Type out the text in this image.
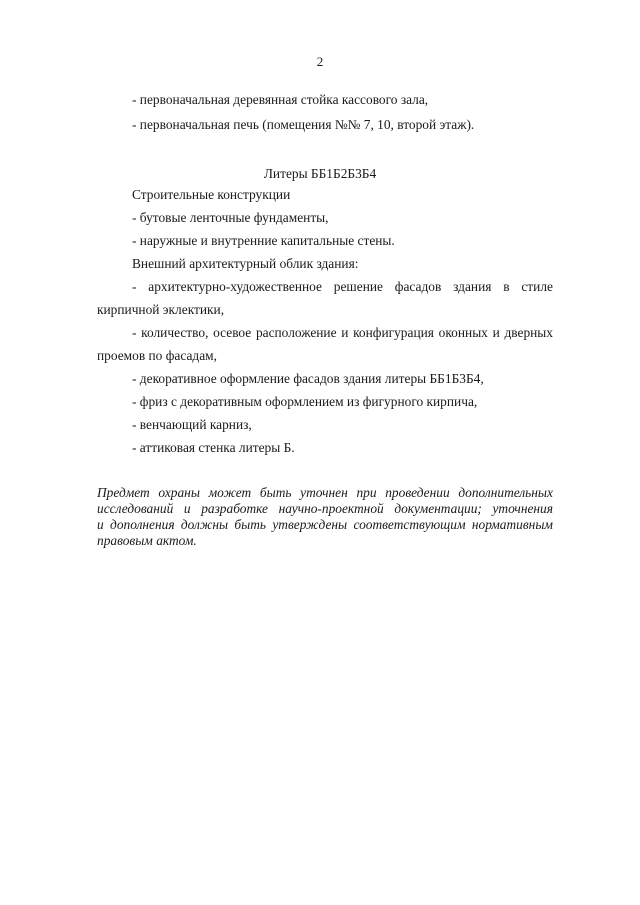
2
- первоначальная деревянная стойка кассового зала,
- первоначальная печь (помещения №№ 7, 10, второй этаж).
Литеры ББ1Б2Б3Б4
Строительные конструкции
- бутовые ленточные фундаменты,
- наружные и внутренние капитальные стены.
Внешний архитектурный облик здания:
- архитектурно-художественное решение фасадов здания в стиле
кирпичной эклектики,
- количество, осевое расположение и конфигурация оконных и дверных
проемов по фасадам,
- декоративное оформление фасадов здания литеры ББ1Б3Б4,
- фриз с декоративным оформлением из фигурного кирпича,
- венчающий карниз,
- аттиковая стенка литеры Б.
Предмет охраны может быть уточнен при проведении дополнительных
исследований и разработке научно-проектной документации; уточнения
и дополнения должны быть утверждены соответствующим нормативным
правовым актом.
